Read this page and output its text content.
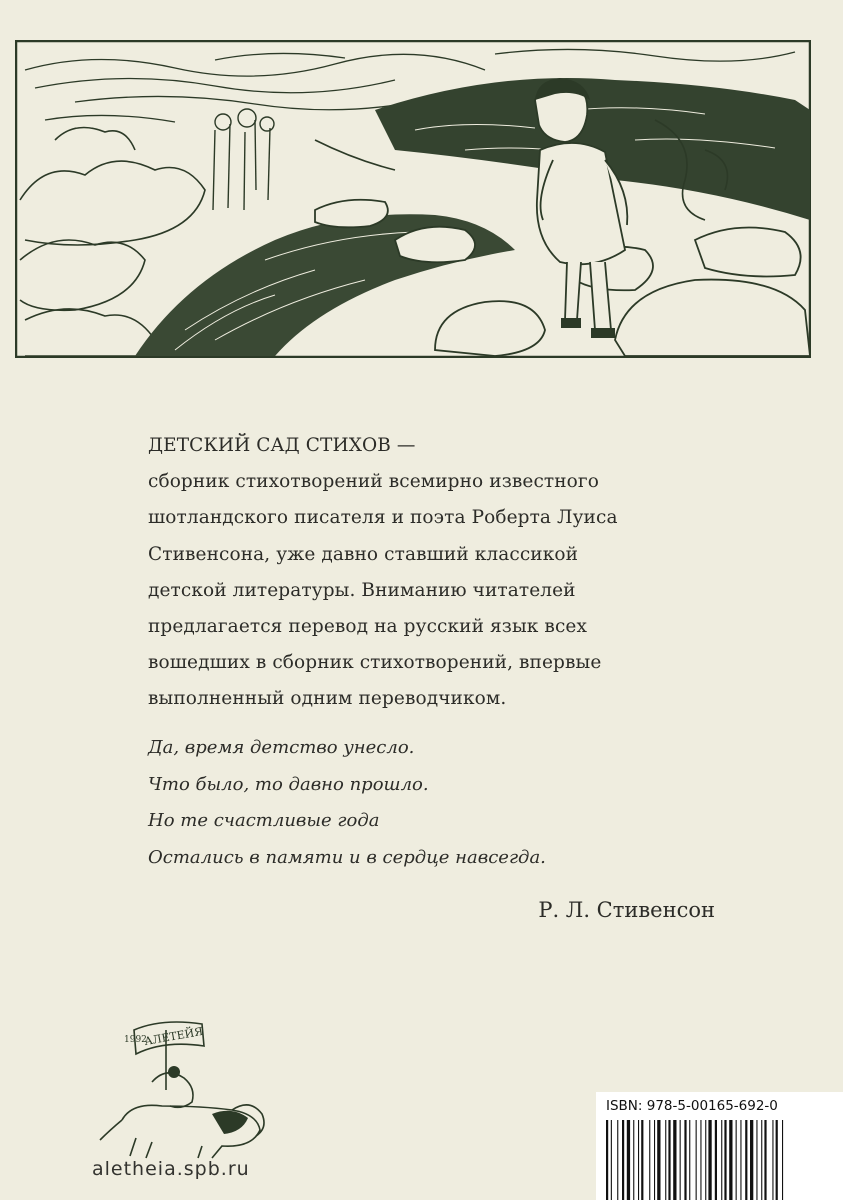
ДЕТСКИЙ САД СТИХОВ —
сборник стихотворений всемирно известного
шотландского писателя и поэта Роберта Луиса
Стивенсона, уже давно ставший классикой
детской литературы. Вниманию читателей
предлагается перевод на русский язык всех
вошедших в сборник стихотворений, впервые
выполненный одним переводчиком.
Да, время детство унесло.
Что было, то давно прошло.
Но те счастливые года
Остались в памяти и в сердце навсегда.
Р. Л. Стивенсон
1992
АЛЕТЕЙЯ
aletheia.spb.ru
ISBN: 978-5-00165-692-0
